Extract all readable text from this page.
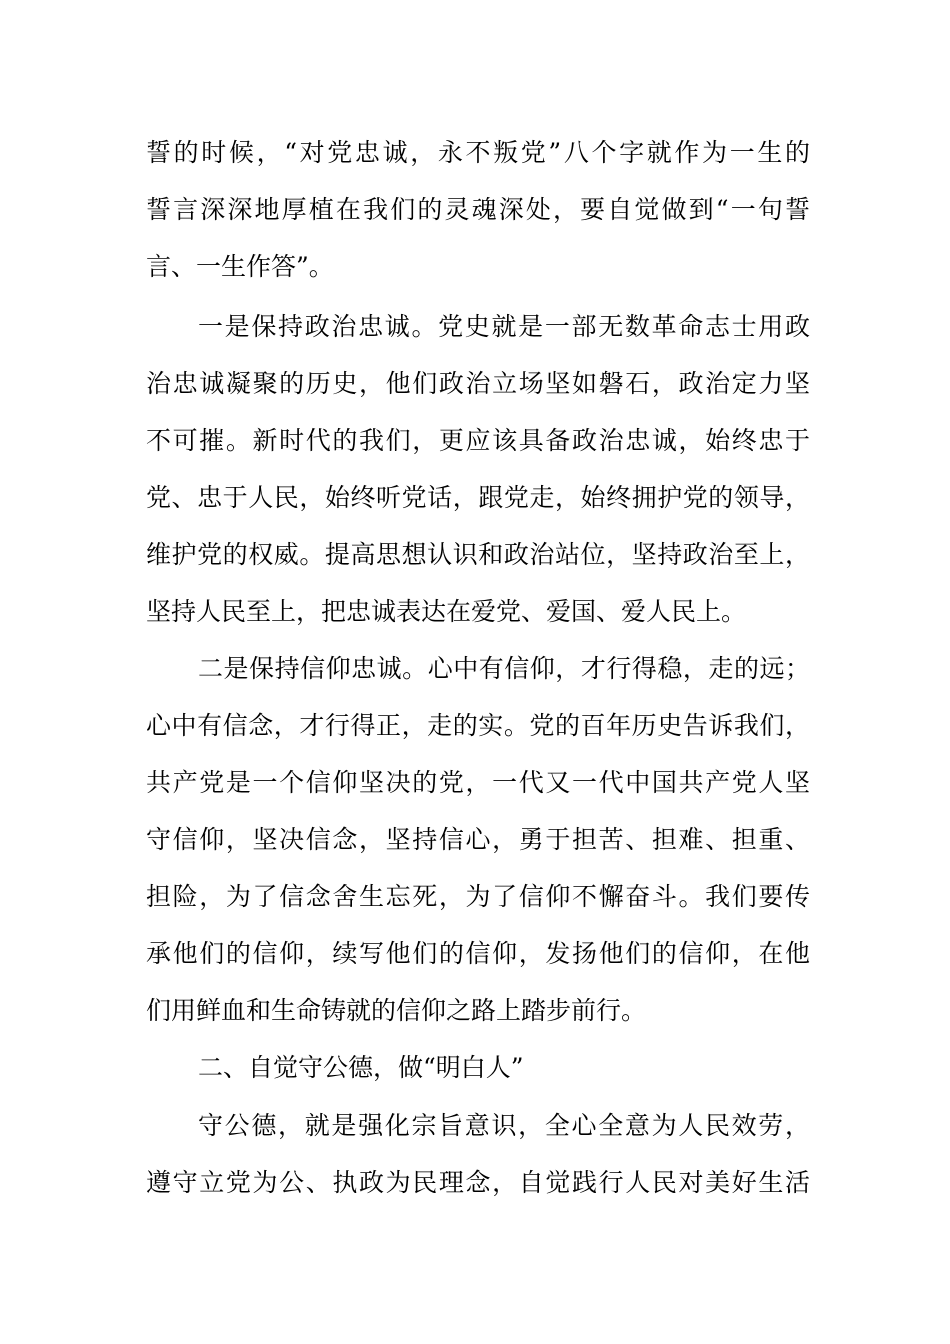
誓的时候，“对党忠诚，永不叛党”八个字就作为一生的
誓言深深地厚植在我们的灵魂深处，要自觉做到“一句誓
言、一生作答”。
一是保持政治忠诚。党史就是一部无数革命志士用政
治忠诚凝聚的历史，他们政治立场坚如磐石，政治定力坚
不可摧。新时代的我们，更应该具备政治忠诚，始终忠于
党、忠于人民，始终听党话，跟党走，始终拥护党的领导，
维护党的权威。提高思想认识和政治站位，坚持政治至上，
坚持人民至上，把忠诚表达在爱党、爱国、爱人民上。
二是保持信仰忠诚。心中有信仰，才行得稳，走的远；
心中有信念，才行得正，走的实。党的百年历史告诉我们，
共产党是一个信仰坚决的党，一代又一代中国共产党人坚
守信仰，坚决信念，坚持信心，勇于担苦、担难、担重、
担险，为了信念舍生忘死，为了信仰不懈奋斗。我们要传
承他们的信仰，续写他们的信仰，发扬他们的信仰，在他
们用鲜血和生命铸就的信仰之路上踏步前行。
二、自觉守公德，做“明白人”
守公德，就是强化宗旨意识，全心全意为人民效劳，
遵守立党为公、执政为民理念，自觉践行人民对美好生活
